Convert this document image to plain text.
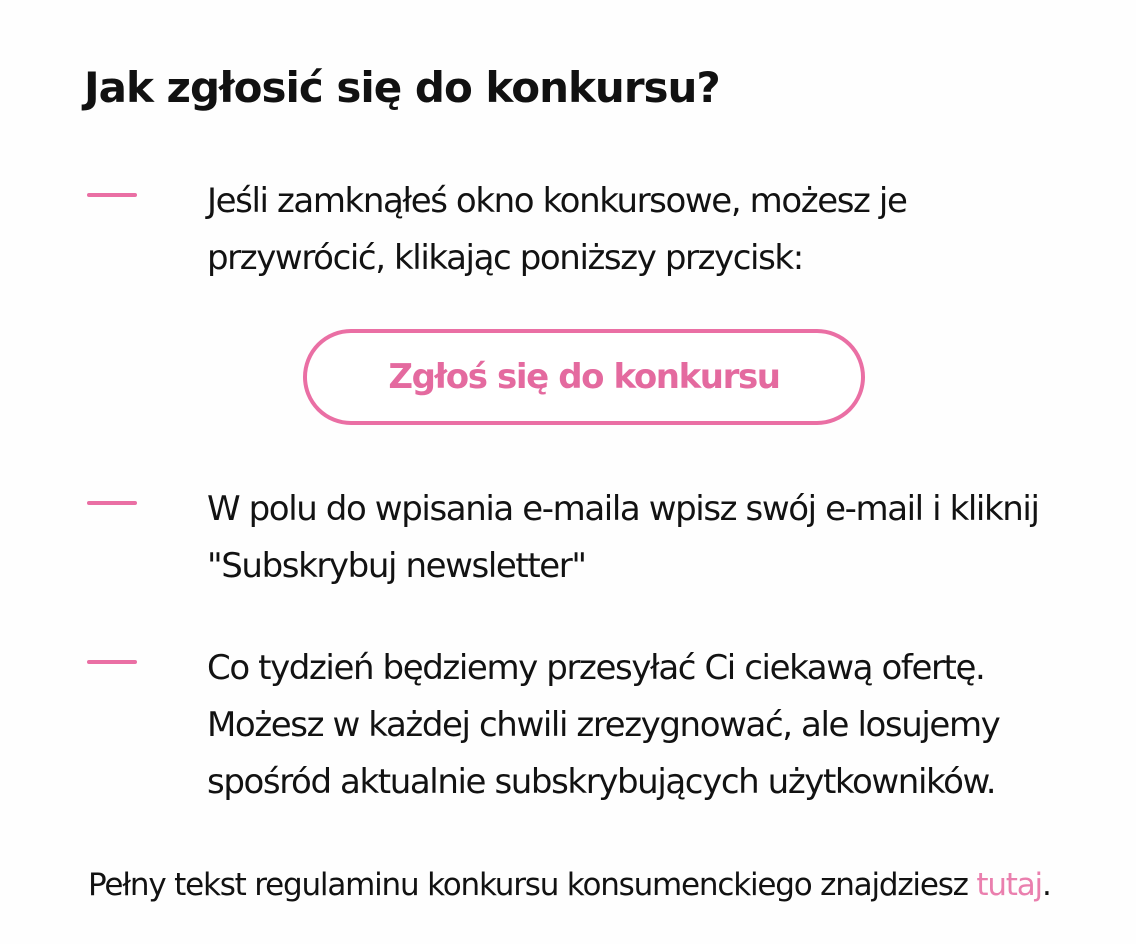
Jak zgłosić się do konkursu?
Jeśli zamknąłeś okno konkursowe, możesz je
przywrócić, klikając poniższy przycisk:
Zgłoś się do konkursu
W polu do wpisania e-maila wpisz swój e-mail i kliknij
"Subskrybuj newsletter"
Co tydzień będziemy przesyłać Ci ciekawą ofertę.
Możesz w każdej chwili zrezygnować, ale losujemy
spośród aktualnie subskrybujących użytkowników.

Pełny tekst regulaminu konkursu konsumenckiego znajdziesz tutaj.
